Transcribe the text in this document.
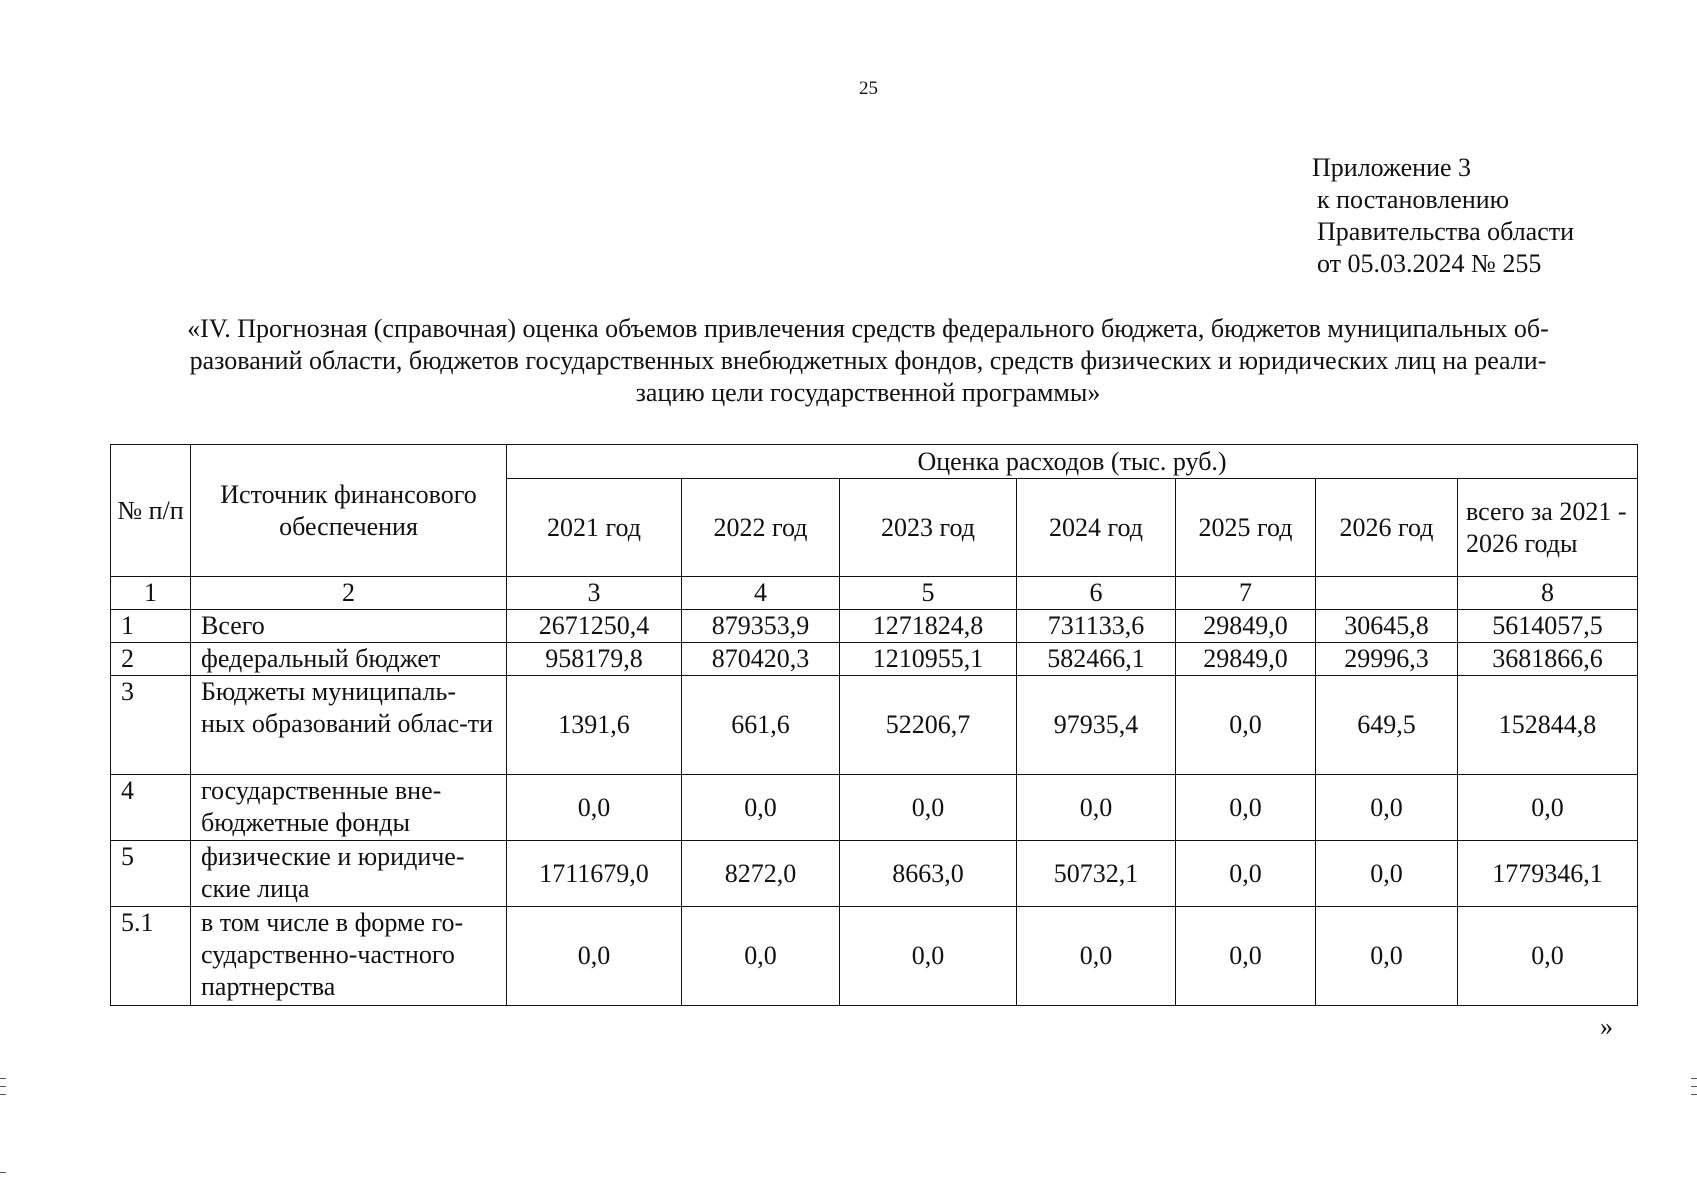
25
Приложение 3
к постановлению
Правительства области
от 05.03.2024 № 255
«IV. Прогнозная (справочная) оценка объемов привлечения средств федерального бюджета, бюджетов муниципальных об-
разований области, бюджетов государственных внебюджетных фондов, средств физических и юридических лиц на реали-
зацию цели государственной программы»
№ п/п	Источник финансового обеспечения	Оценка расходов (тыс. руб.)						
		2021 год	2022 год	2023 год	2024 год	2025 год	2026 год	всего за 2021 - 2026 годы
1	2	3	4	5	6	7		8
1	Всего	2671250,4	879353,9	1271824,8	731133,6	29849,0	30645,8	5614057,5
2	федеральный бюджет	958179,8	870420,3	1210955,1	582466,1	29849,0	29996,3	3681866,6
3	Бюджеты муниципаль-ных образований облас-ти	1391,6	661,6	52206,7	97935,4	0,0	649,5	152844,8
4	государственные вне-бюджетные фонды	0,0	0,0	0,0	0,0	0,0	0,0	0,0
5	физические и юридиче-ские лица	1711679,0	8272,0	8663,0	50732,1	0,0	0,0	1779346,1
5.1	в том числе в форме го-сударственно-частного партнерства	0,0	0,0	0,0	0,0	0,0	0,0	0,0
»
